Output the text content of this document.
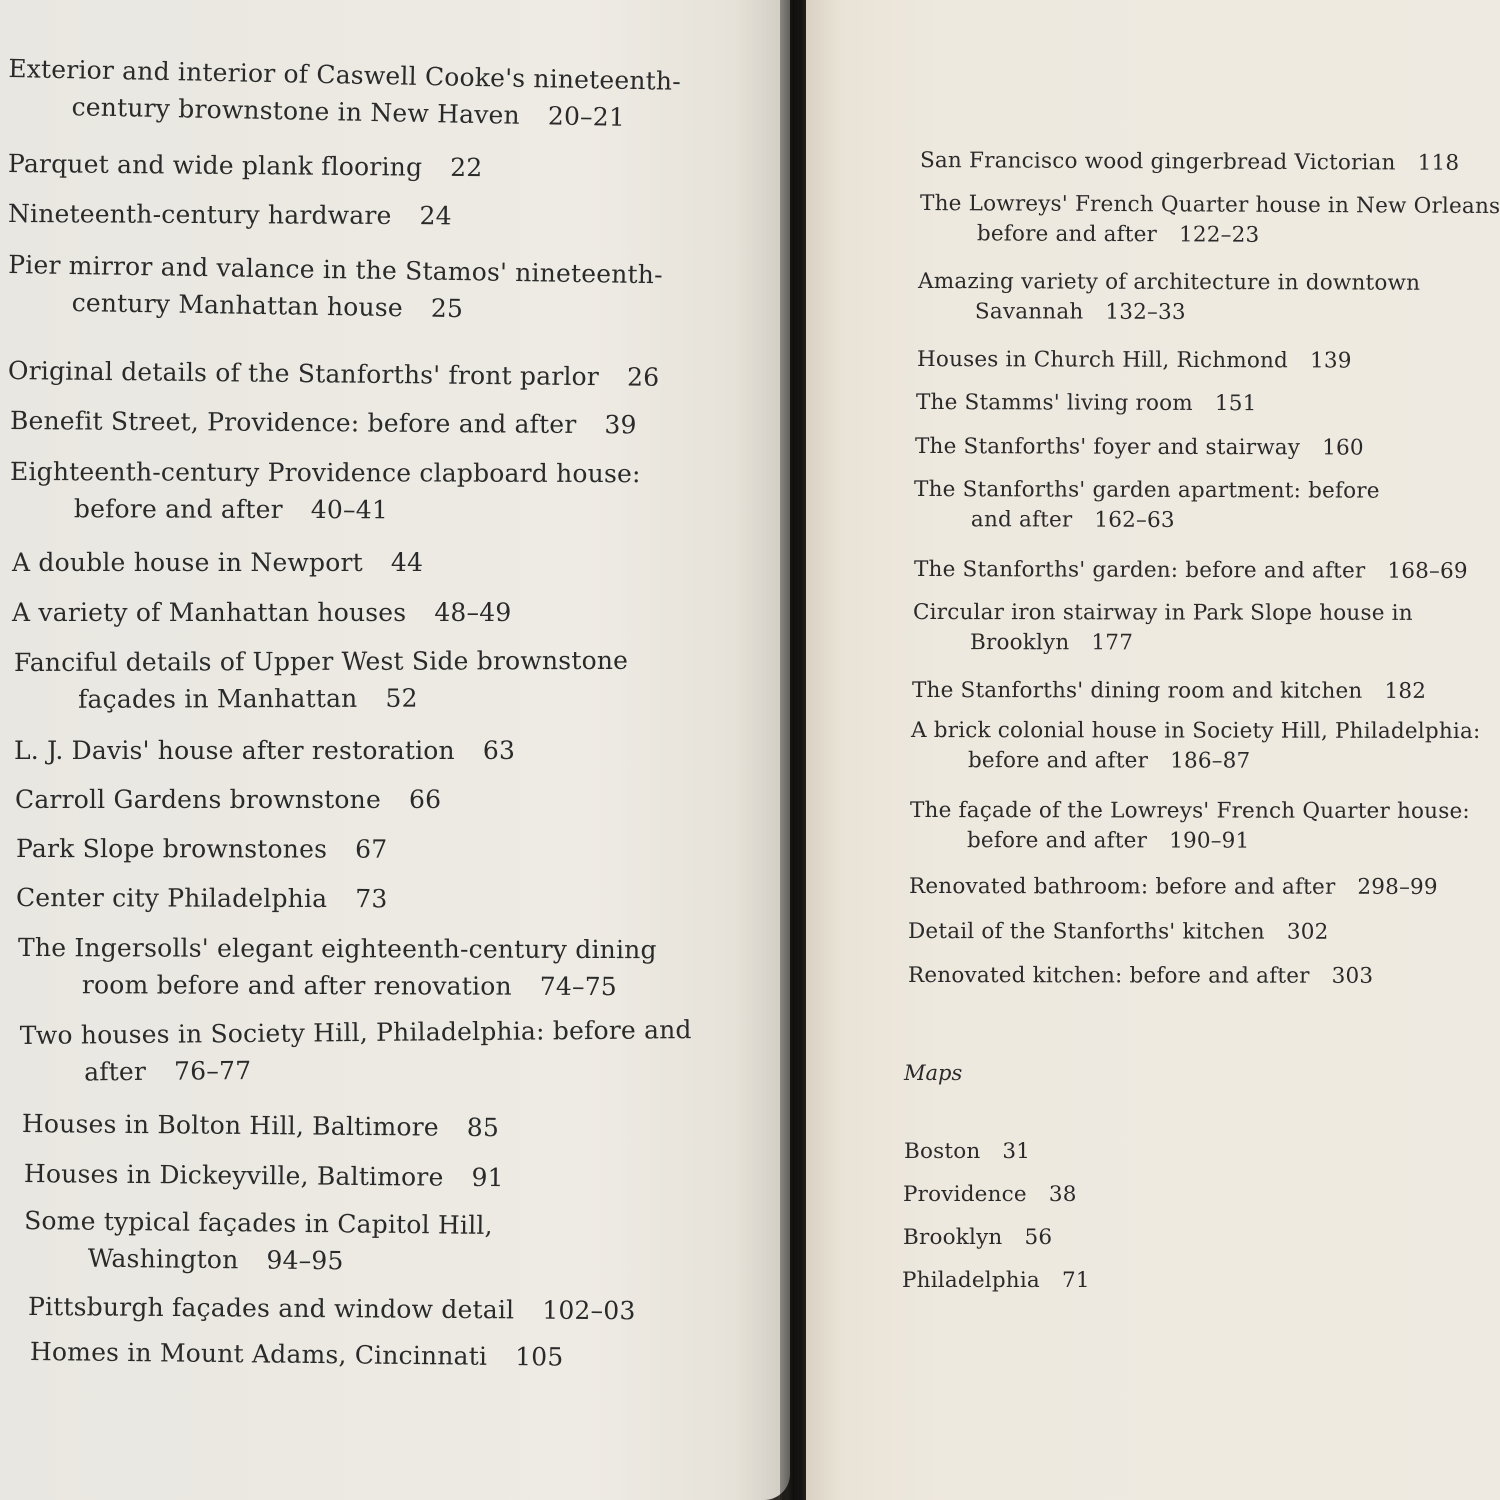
Exterior and interior of Caswell Cooke's nineteenth-
century brownstone in New Haven 20–21
Parquet and wide plank flooring 22
Nineteenth-century hardware 24
Pier mirror and valance in the Stamos' nineteenth-
century Manhattan house 25
Original details of the Stanforths' front parlor 26
Benefit Street, Providence: before and after 39
Eighteenth-century Providence clapboard house:
before and after 40–41
A double house in Newport 44
A variety of Manhattan houses 48–49
Fanciful details of Upper West Side brownstone
façades in Manhattan 52
L. J. Davis' house after restoration 63
Carroll Gardens brownstone 66
Park Slope brownstones 67
Center city Philadelphia 73
The Ingersolls' elegant eighteenth-century dining
room before and after renovation 74–75
Two houses in Society Hill, Philadelphia: before and
after 76–77
Houses in Bolton Hill, Baltimore 85
Houses in Dickeyville, Baltimore 91
Some typical façades in Capitol Hill,
Washington 94–95
Pittsburgh façades and window detail 102–03
Homes in Mount Adams, Cincinnati 105
San Francisco wood gingerbread Victorian 118
The Lowreys' French Quarter house in New Orleans
before and after 122–23
Amazing variety of architecture in downtown
Savannah 132–33
Houses in Church Hill, Richmond 139
The Stamms' living room 151
The Stanforths' foyer and stairway 160
The Stanforths' garden apartment: before
and after 162–63
The Stanforths' garden: before and after 168–69
Circular iron stairway in Park Slope house in
Brooklyn 177
The Stanforths' dining room and kitchen 182
A brick colonial house in Society Hill, Philadelphia:
before and after 186–87
The façade of the Lowreys' French Quarter house:
before and after 190–91
Renovated bathroom: before and after 298–99
Detail of the Stanforths' kitchen 302
Renovated kitchen: before and after 303
Maps
Boston 31
Providence 38
Brooklyn 56
Philadelphia 71
